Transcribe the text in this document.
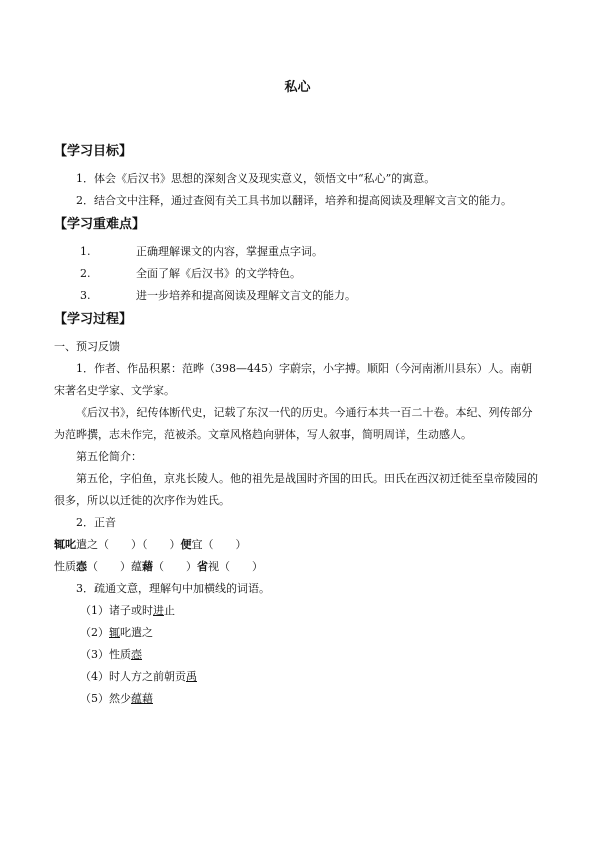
私心

【学习目标】

1．体会《后汉书》思想的深刻含义及现实意义，领悟文中“私心”的寓意。

2．结合文中注释，通过查阅有关工具书加以翻译，培养和提高阅读及理解文言文的能力。

【学习重难点】

1.	正确理解课文的内容，掌握重点字词。
2.	全面了解《后汉书》的文学特色。
3.	进一步培养和提高阅读及理解文言文的能力。

【学习过程】

一、预习反馈

1．作者、作品积累：范晔（398—445）字蔚宗，小字搏。顺阳（今河南淅川县东）人。南朝宋著名史学家、文学家。

《后汉书》，纪传体断代史，记载了东汉一代的历史。今通行本共一百二十卷。本纪、列传部分为范晔撰，志未作完，范被杀。文章风格趋向骈体，写人叙事，简明周详，生动感人。

第五伦简介：

第五伦，字伯鱼，京兆长陵人。他的祖先是战国时齐国的田氏。田氏在西汉初迁徙至皇帝陵园的很多，所以以迁徙的次序作为姓氏。

2．正音

辄叱遣之（　　）（　　）便宜（　　）

性质悫（　　）蕴藉（　　）省视（　　）

3．疏通文意，理解句中加横线的词语。

（1）诸子或时进止
（2）辄叱遣之
（3）性质悫
（4）时人方之前朝贡禹
（5）然少蕴藉
